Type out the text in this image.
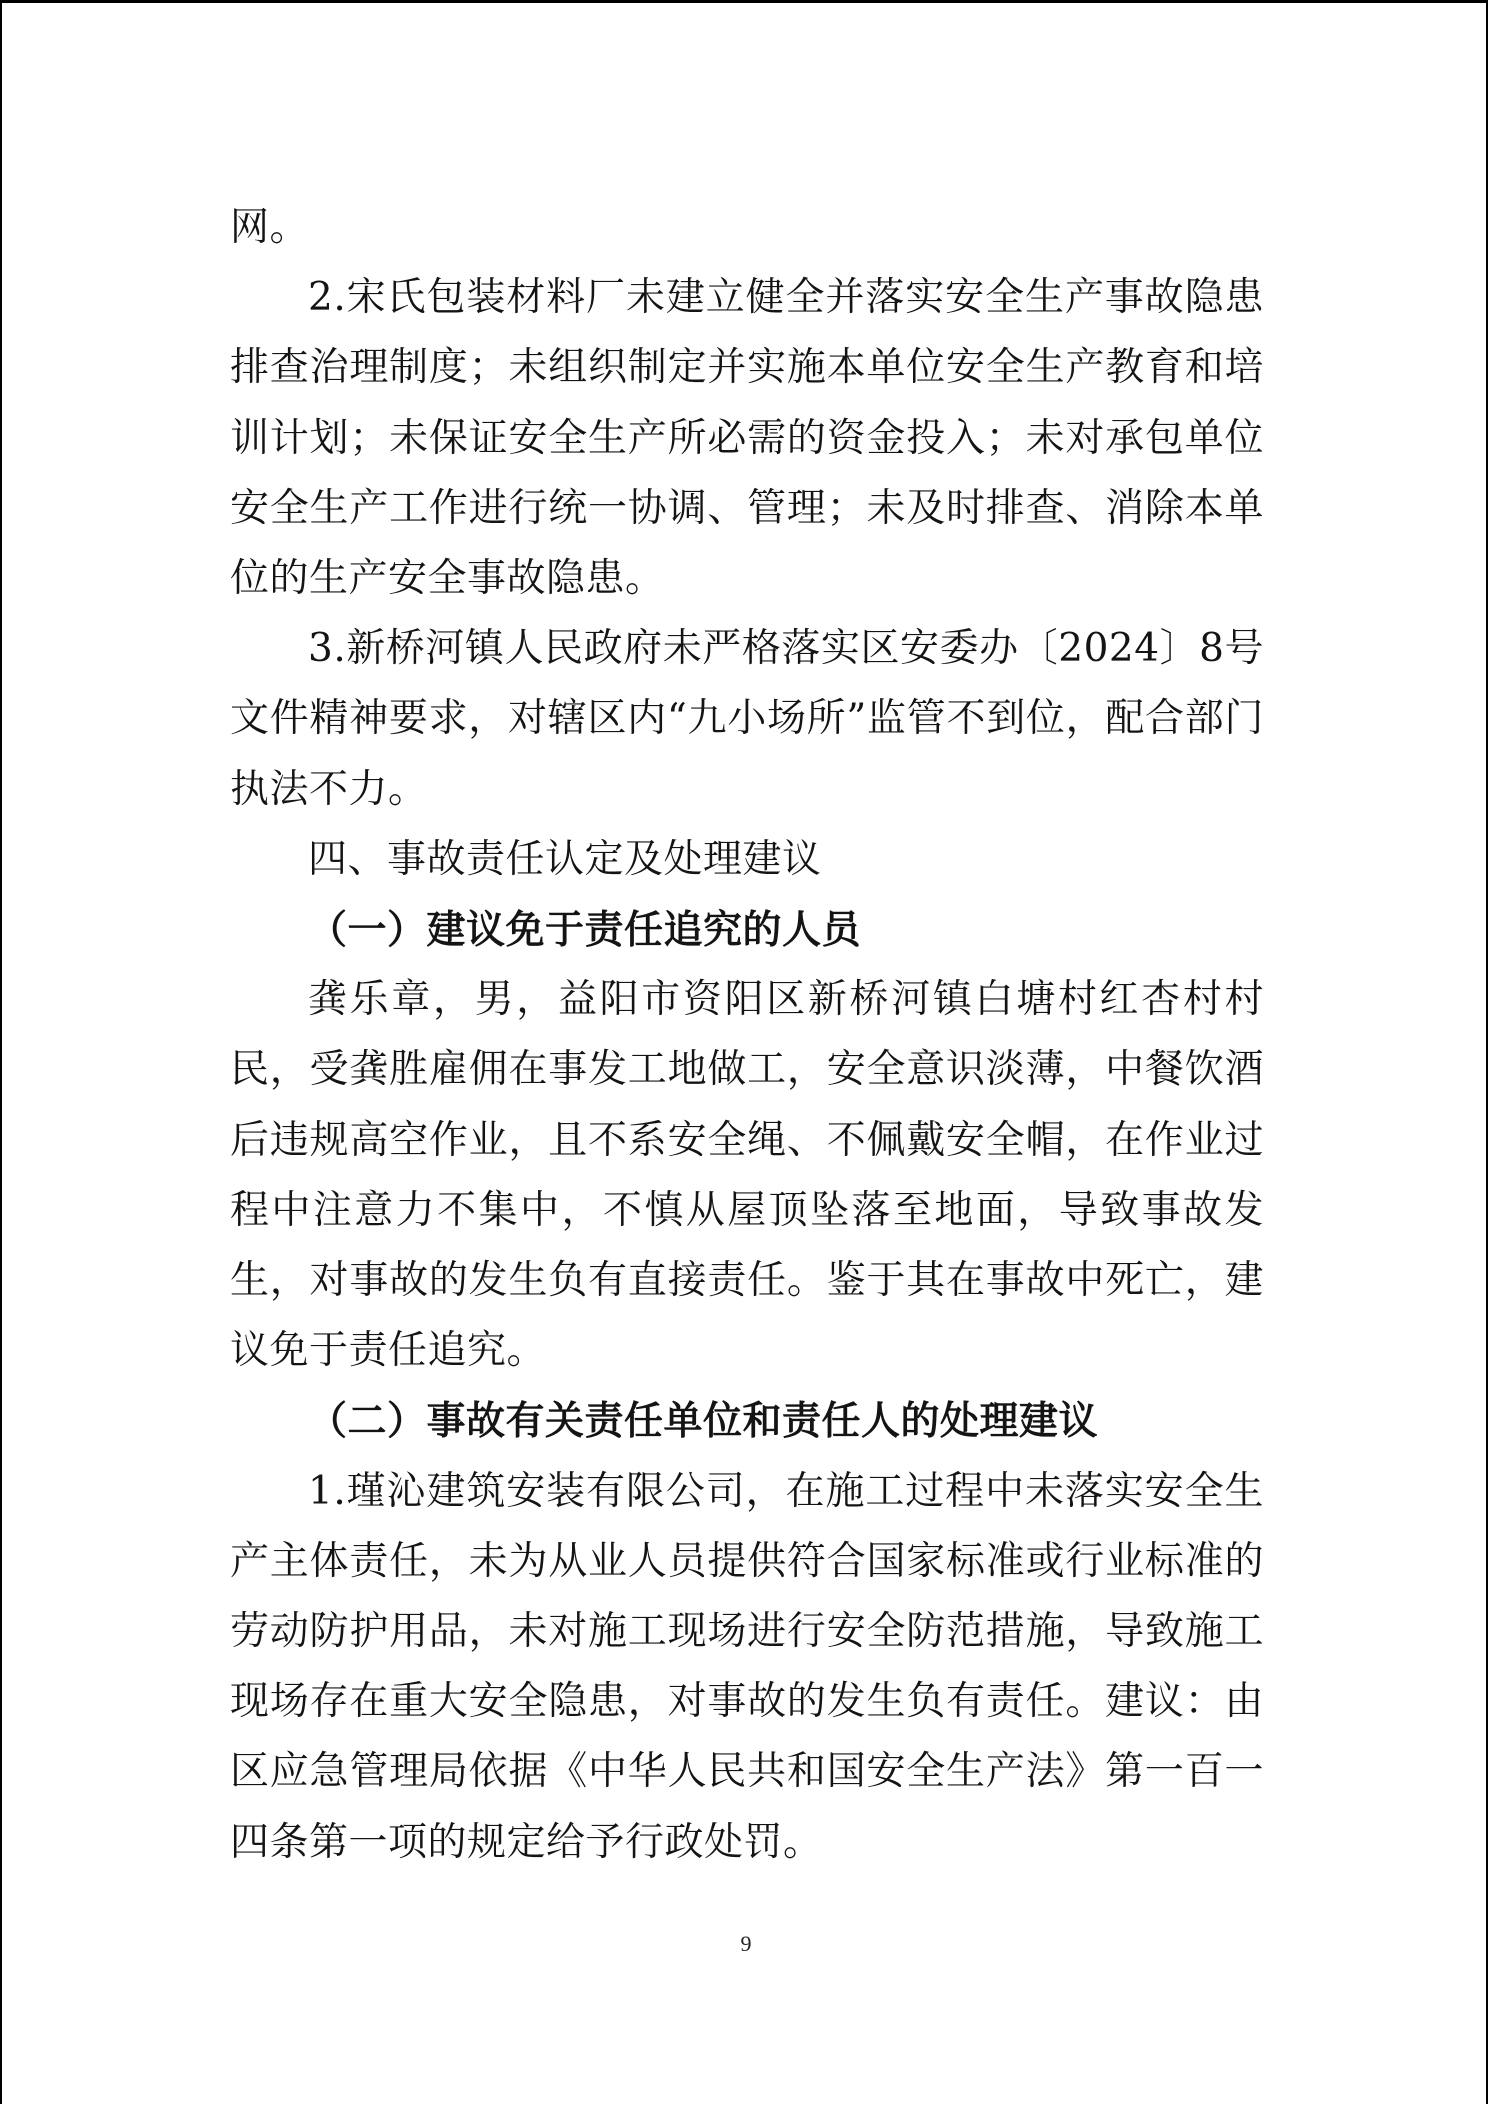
网。

2.宋氏包装材料厂未建立健全并落实安全生产事故隐患排查治理制度；未组织制定并实施本单位安全生产教育和培训计划；未保证安全生产所必需的资金投入；未对承包单位安全生产工作进行统一协调、管理；未及时排查、消除本单位的生产安全事故隐患。

3.新桥河镇人民政府未严格落实区安委办〔2024〕8号文件精神要求，对辖区内“九小场所”监管不到位，配合部门执法不力。

四、事故责任认定及处理建议

（一）建议免于责任追究的人员

龚乐章，男，益阳市资阳区新桥河镇白塘村红杏村村民，受龚胜雇佣在事发工地做工，安全意识淡薄，中餐饮酒后违规高空作业，且不系安全绳、不佩戴安全帽，在作业过程中注意力不集中，不慎从屋顶坠落至地面，导致事故发生，对事故的发生负有直接责任。鉴于其在事故中死亡，建议免于责任追究。

（二）事故有关责任单位和责任人的处理建议

1.瑾沁建筑安装有限公司，在施工过程中未落实安全生产主体责任，未为从业人员提供符合国家标准或行业标准的劳动防护用品，未对施工现场进行安全防范措施，导致施工现场存在重大安全隐患，对事故的发生负有责任。建议：由区应急管理局依据《中华人民共和国安全生产法》第一百一四条第一项的规定给予行政处罚。

9
